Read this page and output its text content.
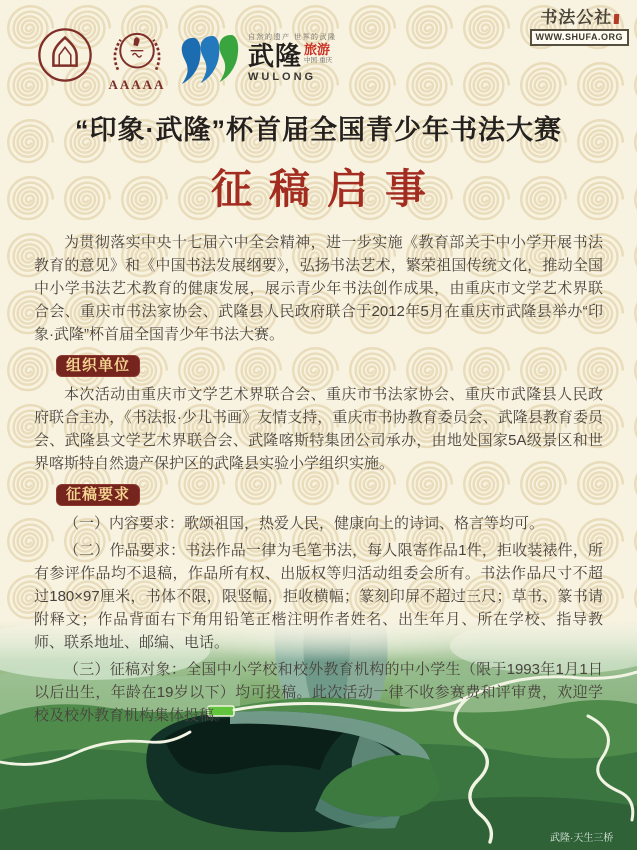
武隆·天生三桥
AAAAA
自然的遗产 世界的武隆
武隆 旅游
中国·重庆
WULONG
书法公社
WWW.SHUFA.ORG
“印象·武隆”杯首届全国青少年书法大赛
征稿启事

为贯彻落实中央十七届六中全会精神，进一步实施《教育部关于中小学开展书法教育的意见》和《中国书法发展纲要》，弘扬书法艺术，繁荣祖国传统文化，推动全国中小学书法艺术教育的健康发展，展示青少年书法创作成果，由重庆市文学艺术界联合会、重庆市书法家协会、武隆县人民政府联合于2012年5月在重庆市武隆县举办“印象·武隆”杯首届全国青少年书法大赛。

组织单位

本次活动由重庆市文学艺术界联合会、重庆市书法家协会、重庆市武隆县人民政府联合主办，《书法报·少儿书画》友情支持，重庆市书协教育委员会、武隆县教育委员会、武隆县文学艺术界联合会、武隆喀斯特集团公司承办，由地处国家5A级景区和世界喀斯特自然遗产保护区的武隆县实验小学组织实施。

征稿要求

（一）内容要求：歌颂祖国，热爱人民，健康向上的诗词、格言等均可。

（二）作品要求：书法作品一律为毛笔书法，每人限寄作品1件，拒收装裱件，所有参评作品均不退稿，作品所有权、出版权等归活动组委会所有。书法作品尺寸不超过180×97厘米，书体不限，限竖幅，拒收横幅；篆刻印屏不超过三尺；草书、篆书请附释文；作品背面右下角用铅笔正楷注明作者姓名、出生年月、所在学校、指导教师、联系地址、邮编、电话。

（三）征稿对象：全国中小学校和校外教育机构的中小学生（限于1993年1月1日以后出生，年龄在19岁以下）均可投稿。此次活动一律不收参赛费和评审费，欢迎学校及校外教育机构集体投稿。
